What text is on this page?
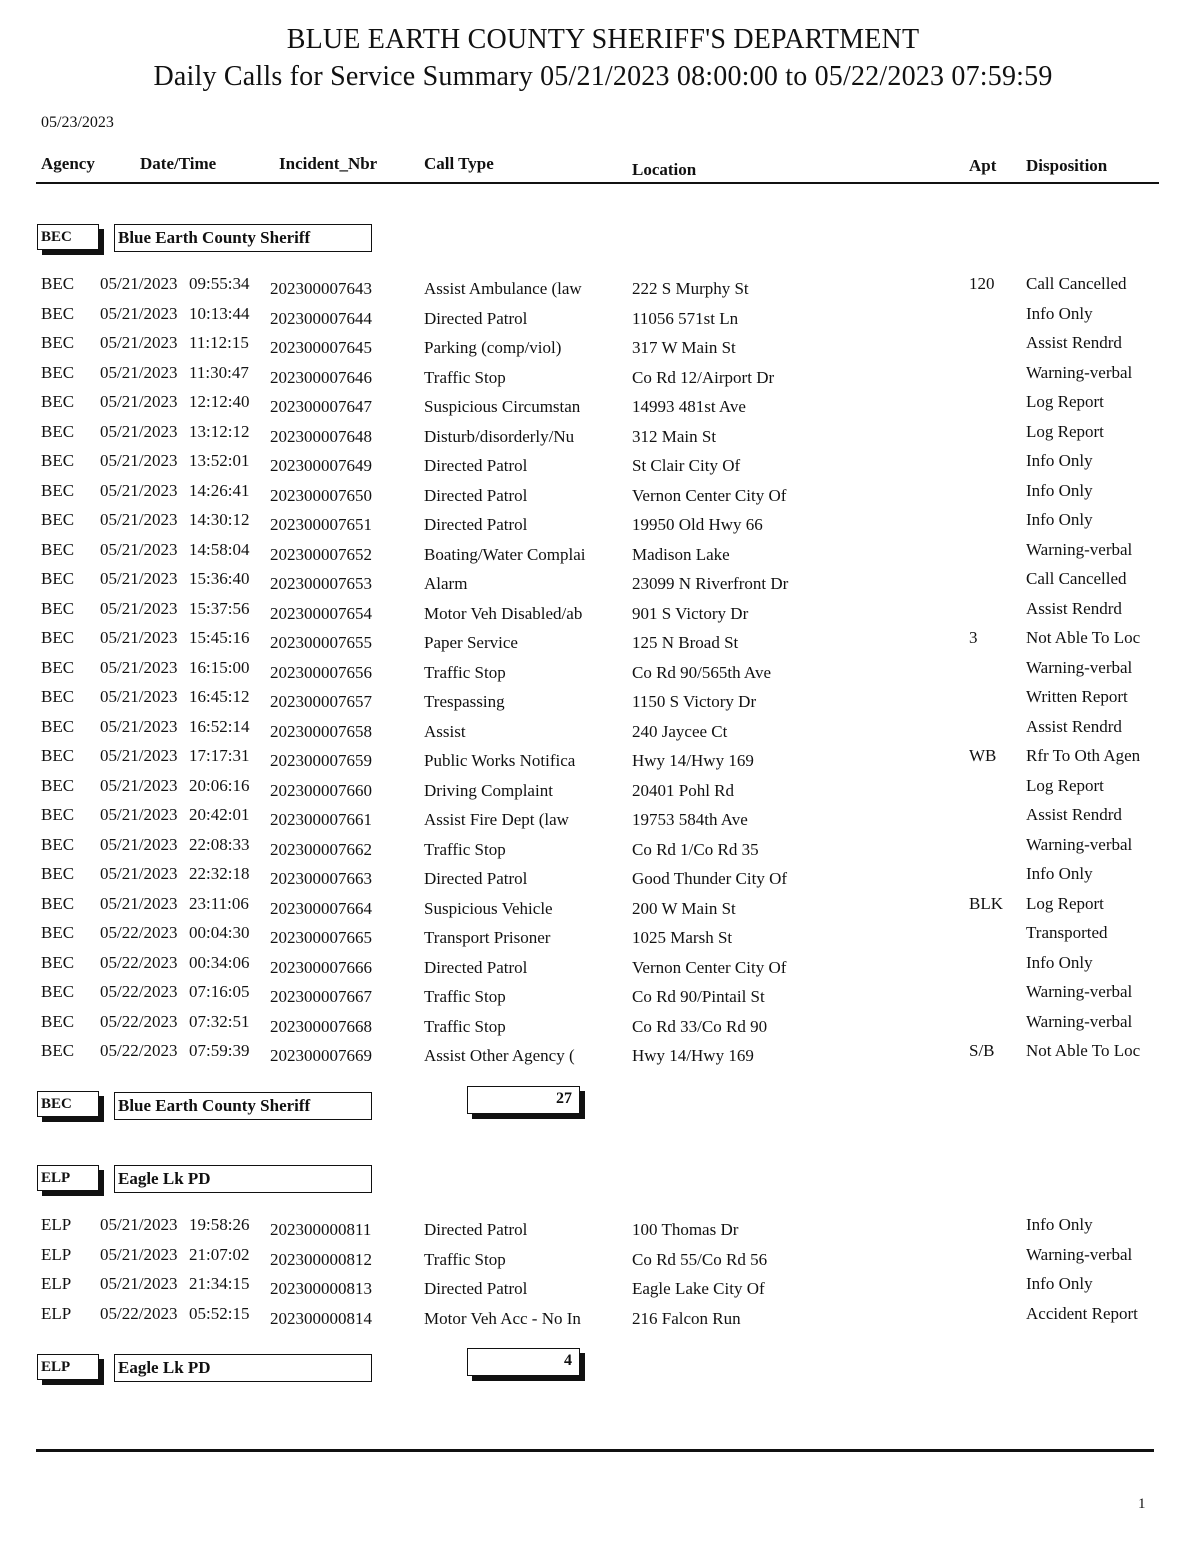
BLUE EARTH COUNTY SHERIFF'S DEPARTMENT
Daily Calls for Service Summary 05/21/2023 08:00:00 to 05/22/2023 07:59:59
05/23/2023
Agency	Date/Time	Incident_Nbr	Call Type	Location	Apt Disposition
BEC	Blue Earth County Sheriff
BEC 05/21/2023 09:55:34 202300007643	Assist Ambulance (law	222 S Murphy St	120 Call Cancelled
BEC 05/21/2023 10:13:44 202300007644	Directed Patrol	11056 571st Ln	Info Only
BEC 05/21/2023 11:12:15 202300007645	Parking (comp/viol)	317 W Main St	Assist Rendrd
BEC 05/21/2023 11:30:47 202300007646	Traffic Stop	Co Rd 12/Airport Dr	Warning-verbal
BEC 05/21/2023 12:12:40 202300007647	Suspicious Circumstan	14993 481st Ave	Log Report
BEC 05/21/2023 13:12:12 202300007648	Disturb/disorderly/Nu	312 Main St	Log Report
BEC 05/21/2023 13:52:01 202300007649	Directed Patrol	St Clair City Of	Info Only
BEC 05/21/2023 14:26:41 202300007650	Directed Patrol	Vernon Center City Of	Info Only
BEC 05/21/2023 14:30:12 202300007651	Directed Patrol	19950 Old Hwy 66	Info Only
BEC 05/21/2023 14:58:04 202300007652	Boating/Water Complai	Madison Lake	Warning-verbal
BEC 05/21/2023 15:36:40 202300007653	Alarm	23099 N Riverfront Dr	Call Cancelled
BEC 05/21/2023 15:37:56 202300007654	Motor Veh Disabled/ab	901 S Victory Dr	Assist Rendrd
BEC 05/21/2023 15:45:16 202300007655	Paper Service	125 N Broad St	3	Not Able To Loc
BEC 05/21/2023 16:15:00 202300007656	Traffic Stop	Co Rd 90/565th Ave	Warning-verbal
BEC 05/21/2023 16:45:12 202300007657	Trespassing	1150 S Victory Dr	Written Report
BEC 05/21/2023 16:52:14 202300007658	Assist	240 Jaycee Ct	Assist Rendrd
BEC 05/21/2023 17:17:31 202300007659	Public Works Notifica	Hwy 14/Hwy 169	WB Rfr To Oth Agen
BEC 05/21/2023 20:06:16 202300007660	Driving Complaint	20401 Pohl Rd	Log Report
BEC 05/21/2023 20:42:01 202300007661	Assist Fire Dept (law	19753 584th Ave	Assist Rendrd
BEC 05/21/2023 22:08:33 202300007662	Traffic Stop	Co Rd 1/Co Rd 35	Warning-verbal
BEC 05/21/2023 22:32:18 202300007663	Directed Patrol	Good Thunder City Of	Info Only
BEC 05/21/2023 23:11:06 202300007664	Suspicious Vehicle	200 W Main St	BLK Log Report
BEC 05/22/2023 00:04:30 202300007665	Transport Prisoner	1025 Marsh St	Transported
BEC 05/22/2023 00:34:06 202300007666	Directed Patrol	Vernon Center City Of	Info Only
BEC 05/22/2023 07:16:05 202300007667	Traffic Stop	Co Rd 90/Pintail St	Warning-verbal
BEC 05/22/2023 07:32:51 202300007668	Traffic Stop	Co Rd 33/Co Rd 90	Warning-verbal
BEC 05/22/2023 07:59:39 202300007669	Assist Other Agency (	Hwy 14/Hwy 169	S/B Not Able To Loc
BEC	Blue Earth County Sheriff	27
ELP	Eagle Lk PD
ELP 05/21/2023 19:58:26 202300000811	Directed Patrol	100 Thomas Dr	Info Only
ELP 05/21/2023 21:07:02 202300000812	Traffic Stop	Co Rd 55/Co Rd 56	Warning-verbal
ELP 05/21/2023 21:34:15 202300000813	Directed Patrol	Eagle Lake City Of	Info Only
ELP 05/22/2023 05:52:15 202300000814	Motor Veh Acc - No In	216 Falcon Run	Accident Report
ELP	Eagle Lk PD	4
1
